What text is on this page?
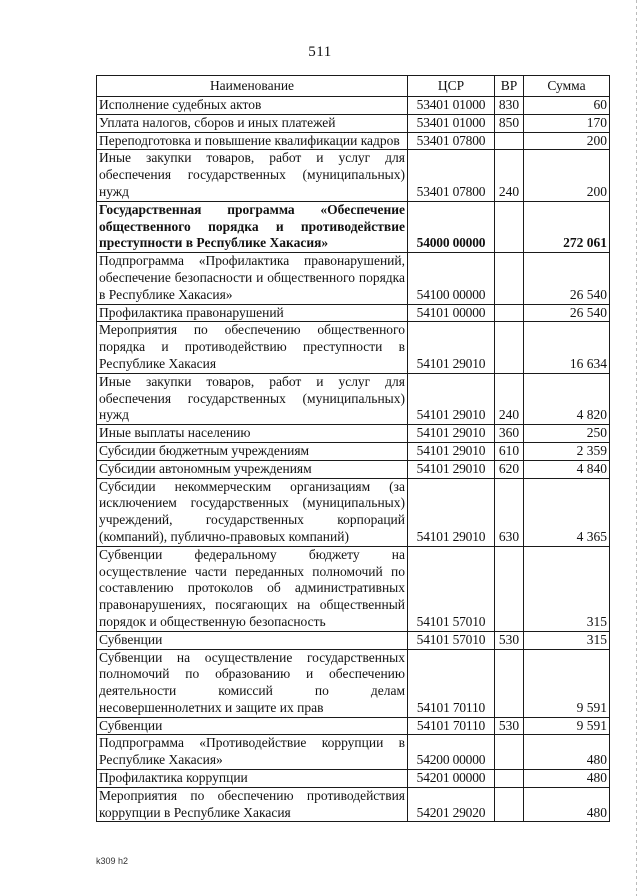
511
Наименование	ЦСР	ВР	Сумма
Исполнение судебных актов	53401 01000	830	60
Уплата налогов, сборов и иных платежей	53401 01000	850	170
Переподготовка и повышение квалификации кадров	53401 07800		200
Иные закупки товаров, работ и услуг для обеспечения государственных (муниципальных) нужд	53401 07800	240	200
Государственная программа «Обеспечение общественного порядка и противодействие преступности в Республике Хакасия»	54000 00000		272 061
Подпрограмма «Профилактика правонарушений, обеспечение безопасности и общественного порядка в Республике Хакасия»	54100 00000		26 540
Профилактика правонарушений	54101 00000		26 540
Мероприятия по обеспечению общественного порядка и противодействию преступности в Республике Хакасия	54101 29010		16 634
Иные закупки товаров, работ и услуг для обеспечения государственных (муниципальных) нужд	54101 29010	240	4 820
Иные выплаты населению	54101 29010	360	250
Субсидии бюджетным учреждениям	54101 29010	610	2 359
Субсидии автономным учреждениям	54101 29010	620	4 840
Субсидии некоммерческим организациям (за исключением государственных (муниципальных) учреждений, государственных корпораций (компаний), публично-правовых компаний)	54101 29010	630	4 365
Субвенции федеральному бюджету на осуществление части переданных полномочий по составлению протоколов об административных правонарушениях, посягающих на общественный порядок и общественную безопасность	54101 57010		315
Субвенции	54101 57010	530	315
Субвенции на осуществление государственных полномочий по образованию и обеспечению деятельности комиссий по делам несовершеннолетних и защите их прав	54101 70110		9 591
Субвенции	54101 70110	530	9 591
Подпрограмма «Противодействие коррупции в Республике Хакасия»	54200 00000		480
Профилактика коррупции	54201 00000		480
Мероприятия по обеспечению противодействия коррупции в Республике Хакасия	54201 29020		480
k309 h2
